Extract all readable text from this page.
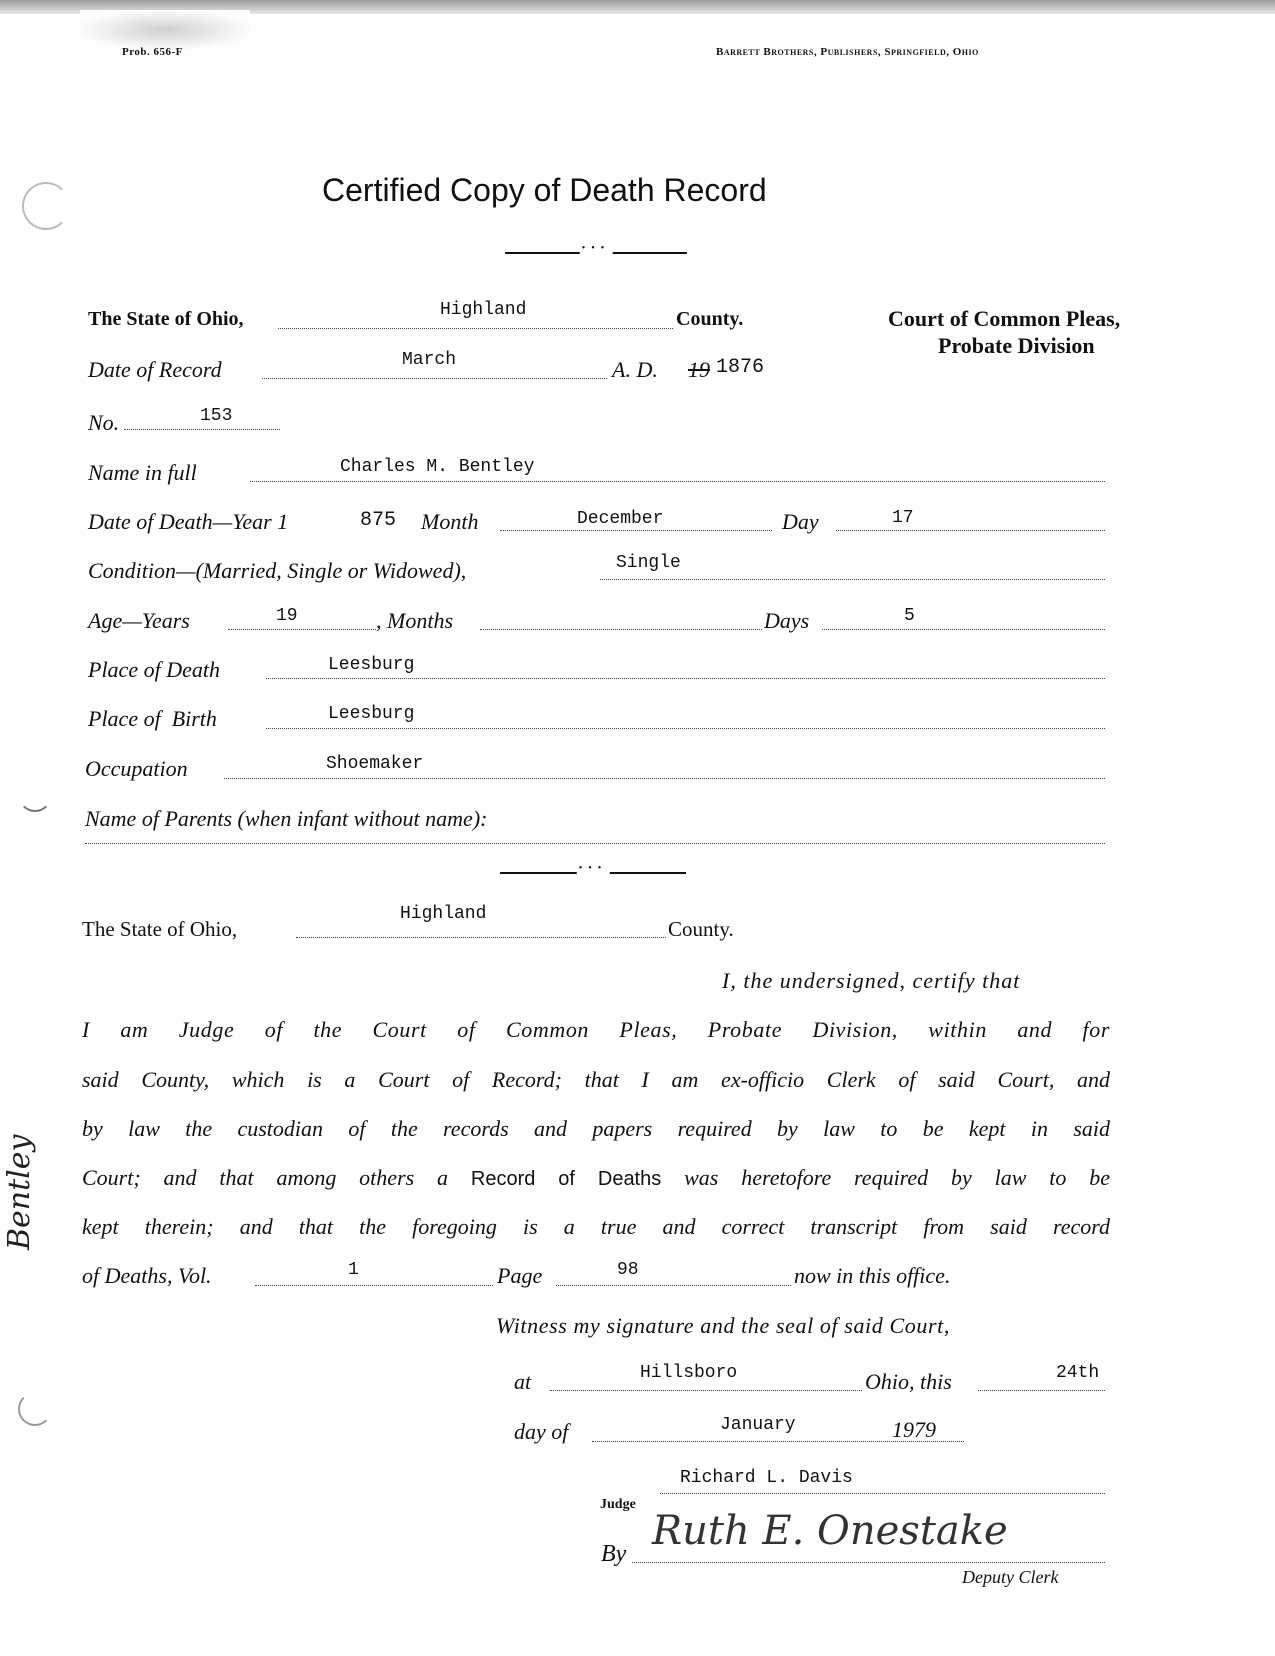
Prob. 656-F	Barrett Brothers, Publishers, Springfield, Ohio
Certified Copy of Death Record
•••
Court of Common Pleas,
Probate Division
The State of Ohio,	Highland	County.
Date of Record	March	A. D. 19 1876
No.	153
Name in full	Charles M. Bentley
Date of Death—Year 1	875 Month	December	Day	17
Condition—(Married, Single or Widowed),	Single
Age—Years	19	, Months	Days	5
Place of Death	Leesburg
Place of  Birth	Leesburg
Occupation	Shoemaker
Name of Parents (when infant without name):
•••
The State of Ohio,
Highland
County.
I, the undersigned, certify that
I am Judge of the Court of Common Pleas, Probate Division, within and for
said County, which is a Court of Record; that I am ex-officio Clerk of said Court, and
by law the custodian of the records and papers required by law to be kept in said
Court; and that among others a Record of Deaths was heretofore required by law to be
kept therein; and that the foregoing is a true and correct transcript from said record
of Deaths, Vol.	1	Page	98	now in this office.
Witness my signature and the seal of said Court,
at	Hillsboro	Ohio, this	24th
day of	January	1979
Richard L. Davis
Judge
By Ruth E. Onestake
Deputy Clerk
Bentley
